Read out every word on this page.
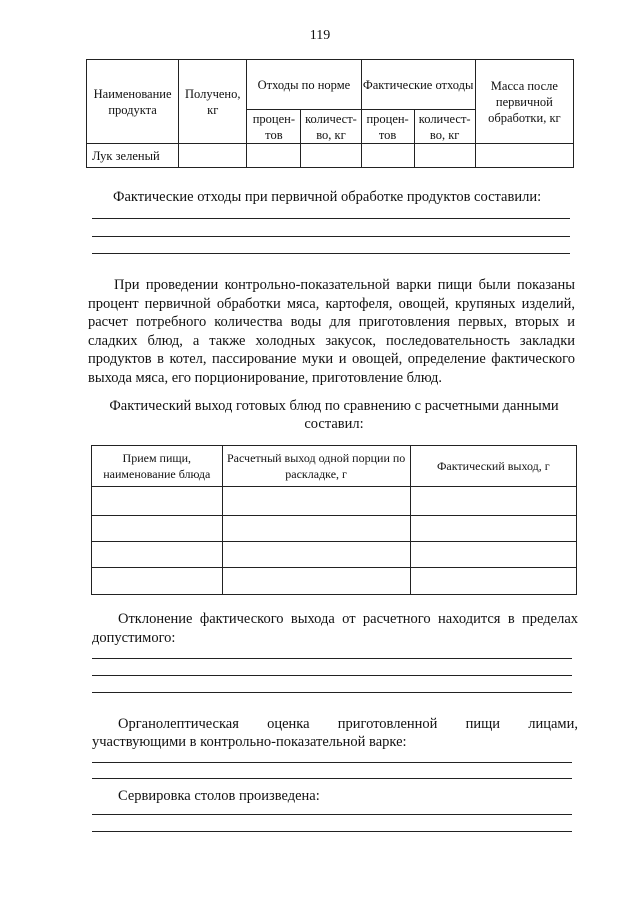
119
Наименование продукта	Получено, кг	Отходы по норме		Фактические отходы		Масса после первичной обработки, кг
		процен-тов	количест-во, кг	процен-тов	количест-во, кг	
Лук зеленый						
Фактические отходы при первичной обработке продуктов составили:
При проведении контрольно-показательной варки пищи были показаны процент первичной обработки мяса, картофеля, овощей, крупяных изделий, расчет потребного количества воды для приготовления первых, вторых и сладких блюд, а также холодных закусок, последовательность закладки продуктов в котел, пассирование муки и овощей, определение фактического выхода мяса, его порционирование, приготовление блюд.
Фактический выход готовых блюд по сравнению с расчетными данными
составил:
Прием пищи, наименование блюда	Расчетный выход одной порции по раскладке, г	Фактический выход, г

Отклонение фактического выхода от расчетного находится в пределах допустимого:
Органолептическая оценка приготовленной пищи лицами,
участвующими в контрольно-показательной варке:
Сервировка столов произведена:
